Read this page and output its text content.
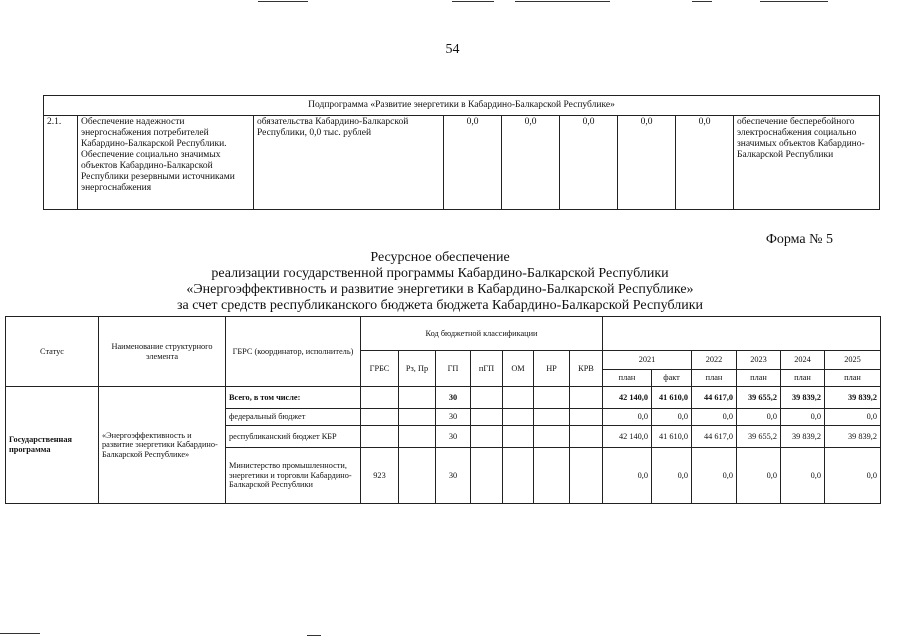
54
Подпрограмма «Развитие энергетики в Кабардино-Балкарской Республике»
2.1.	Обеспечение надежности энергоснабжения потребителей Кабардино-Балкарской Республики. Обеспечение социально значимых объектов Кабардино-Балкарской Республики резервными источниками энергоснабжения	обязательства Кабардино-Балкарской Республики, 0,0 тыс. рублей	0,0	0,0	0,0	0,0	0,0	обеспечение бесперебойного электроснабжения социально значимых объектов Кабардино-Балкарской Республики
Форма № 5
Ресурсное обеспечение
реализации государственной программы Кабардино-Балкарской Республики
«Энергоэффективность и развитие энергетики в Кабардино-Балкарской Республике»
за счет средств республиканского бюджета бюджета Кабардино-Балкарской Республики
Статус	Наименование структурного элемента	ГБРС (координатор, исполнитель)	Код бюджетной классификации												
			ГРБС	Рз, Пр	ГП	пГП	ОМ	НР	КРВ	2021		2022	2023	2024	2025
										план	факт	план	план	план	план
Государственная программа	«Энергоэффективность и развитие энергетики Кабардино-Балкарской Республике»	Всего, в том числе:			30					42 140,0	41 610,0	44 617,0	39 655,2	39 839,2	39 839,2
		федеральный бюджет			30					0,0	0,0	0,0	0,0	0,0	0,0
		республиканский бюджет КБР			30					42 140,0	41 610,0	44 617,0	39 655,2	39 839,2	39 839,2
		Министерство промышленности, энергетики и торговли Кабардино-Балкарской Республики	923		30					0,0	0,0	0,0	0,0	0,0	0,0
